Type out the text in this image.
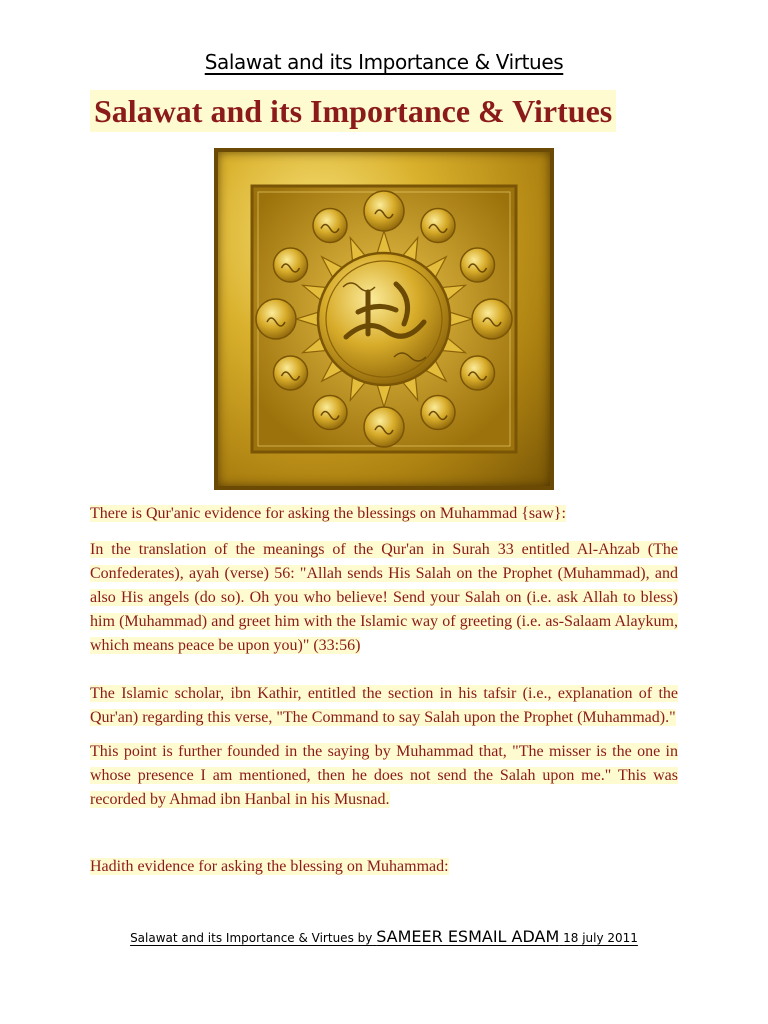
Salawat and its Importance & Virtues
Salawat and its Importance & Virtues

There is Qur'anic evidence for asking the blessings on Muhammad {saw}:

In the translation of the meanings of the Qur'an in Surah 33 entitled Al-Ahzab (The Confederates), ayah (verse) 56: "Allah sends His Salah on the Prophet (Muhammad), and also His angels (do so). Oh you who believe! Send your Salah on (i.e. ask Allah to bless) him (Muhammad) and greet him with the Islamic way of greeting (i.e. as-Salaam Alaykum, which means peace be upon you)" (33:56)

The Islamic scholar, ibn Kathir, entitled the section in his tafsir (i.e., explanation of the Qur'an) regarding this verse, "The Command to say Salah upon the Prophet (Muhammad)."

This point is further founded in the saying by Muhammad that, "The misser is the one in whose presence I am mentioned, then he does not send the Salah upon me." This was recorded by Ahmad ibn Hanbal in his Musnad.

Hadith evidence for asking the blessing on Muhammad:

Salawat and its Importance & Virtues by SAMEER ESMAIL ADAM 18 july 2011
